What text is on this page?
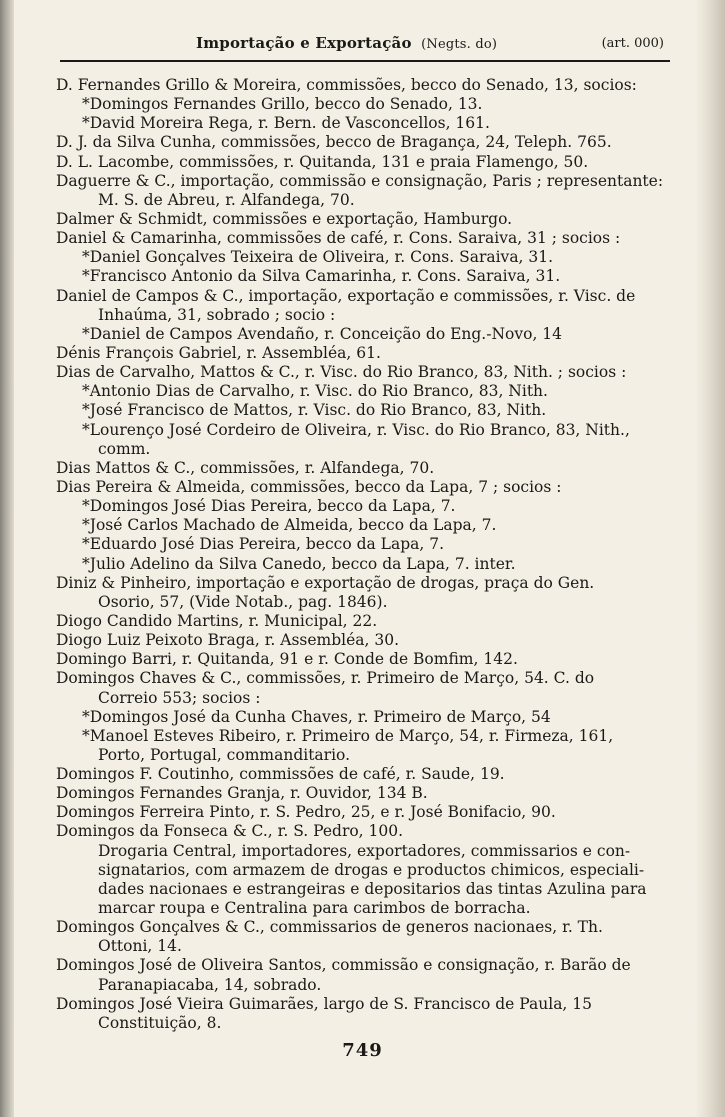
Importação e Exportação (Negts. do)	(art. 000)
D. Fernandes Grillo & Moreira, commissões, becco do Senado, 13, socios:
*Domingos Fernandes Grillo, becco do Senado, 13.
*David Moreira Rega, r. Bern. de Vasconcellos, 161.
D. J. da Silva Cunha, commissões, becco de Bragança, 24, Teleph. 765.
D. L. Lacombe, commissões, r. Quitanda, 131 e praia Flamengo, 50.
Daguerre & C., importação, commissão e consignação, Paris ; representante:
M. S. de Abreu, r. Alfandega, 70.
Dalmer & Schmidt, commissões e exportação, Hamburgo.
Daniel & Camarinha, commissões de café, r. Cons. Saraiva, 31 ; socios :
*Daniel Gonçalves Teixeira de Oliveira, r. Cons. Saraiva, 31.
*Francisco Antonio da Silva Camarinha, r. Cons. Saraiva, 31.
Daniel de Campos & C., importação, exportação e commissões, r. Visc. de
Inhaúma, 31, sobrado ; socio :
*Daniel de Campos Avendaño, r. Conceição do Eng.-Novo, 14
Dénis François Gabriel, r. Assembléa, 61.
Dias de Carvalho, Mattos & C., r. Visc. do Rio Branco, 83, Nith. ; socios :
*Antonio Dias de Carvalho, r. Visc. do Rio Branco, 83, Nith.
*José Francisco de Mattos, r. Visc. do Rio Branco, 83, Nith.
*Lourenço José Cordeiro de Oliveira, r. Visc. do Rio Branco, 83, Nith.,
comm.
Dias Mattos & C., commissões, r. Alfandega, 70.
Dias Pereira & Almeida, commissões, becco da Lapa, 7 ; socios :
*Domingos José Dias Pereira, becco da Lapa, 7.
*José Carlos Machado de Almeida, becco da Lapa, 7.
*Eduardo José Dias Pereira, becco da Lapa, 7.
*Julio Adelino da Silva Canedo, becco da Lapa, 7. inter.
Diniz & Pinheiro, importação e exportação de drogas, praça do Gen.
Osorio, 57, (Vide Notab., pag. 1846).
Diogo Candido Martins, r. Municipal, 22.
Diogo Luiz Peixoto Braga, r. Assembléa, 30.
Domingo Barri, r. Quitanda, 91 e r. Conde de Bomfim, 142.
Domingos Chaves & C., commissões, r. Primeiro de Março, 54. C. do
Correio 553; socios :
*Domingos José da Cunha Chaves, r. Primeiro de Março, 54
*Manoel Esteves Ribeiro, r. Primeiro de Março, 54, r. Firmeza, 161,
Porto, Portugal, commanditario.
Domingos F. Coutinho, commissões de café, r. Saude, 19.
Domingos Fernandes Granja, r. Ouvidor, 134 B.
Domingos Ferreira Pinto, r. S. Pedro, 25, e r. José Bonifacio, 90.
Domingos da Fonseca & C., r. S. Pedro, 100.
Drogaria Central, importadores, exportadores, commissarios e con-
signatarios, com armazem de drogas e productos chimicos, especiali-
dades nacionaes e estrangeiras e depositarios das tintas Azulina para
marcar roupa e Centralina para carimbos de borracha.
Domingos Gonçalves & C., commissarios de generos nacionaes, r. Th.
Ottoni, 14.
Domingos José de Oliveira Santos, commissão e consignação, r. Barão de
Paranapiacaba, 14, sobrado.
Domingos José Vieira Guimarães, largo de S. Francisco de Paula, 15
Constituição, 8.
749
